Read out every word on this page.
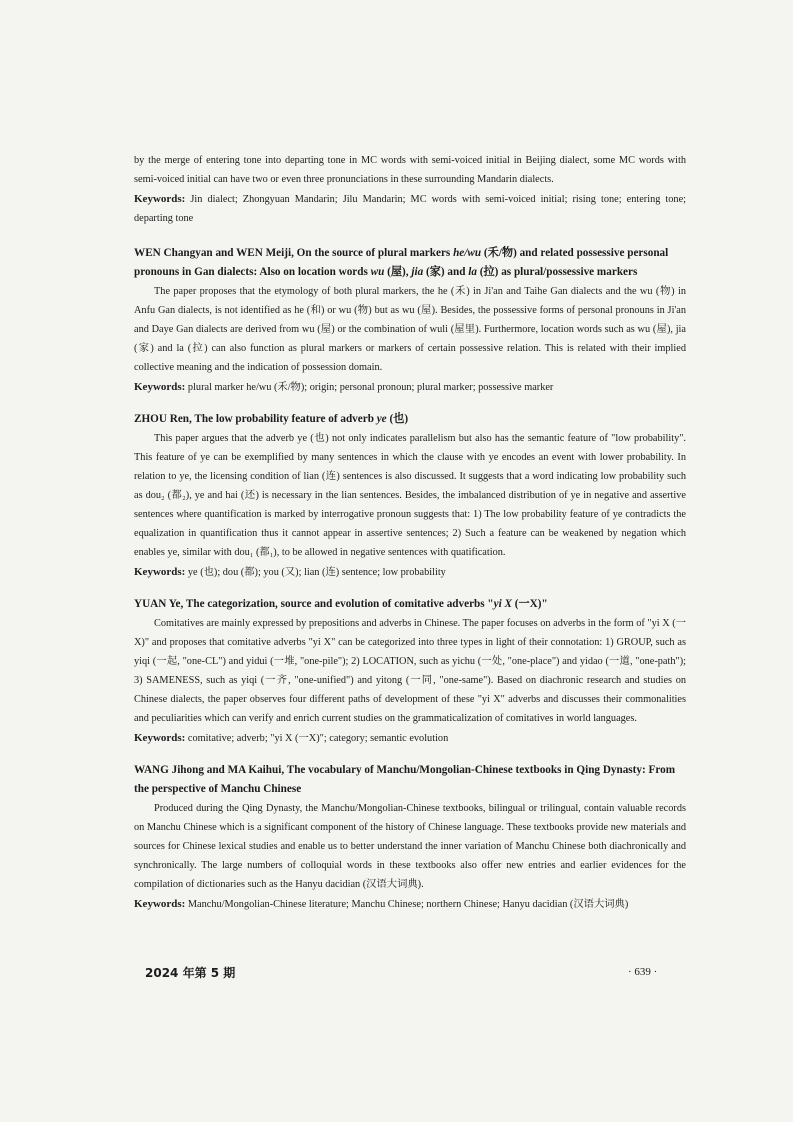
by the merge of entering tone into departing tone in MC words with semi-voiced initial in Beijing dialect, some MC words with semi-voiced initial can have two or even three pronunciations in these surrounding Mandarin dialects.

Keywords: Jin dialect; Zhongyuan Mandarin; Jilu Mandarin; MC words with semi-voiced initial; rising tone; entering tone; departing tone

WEN Changyan and WEN Meiji, On the source of plural markers he/wu (禾/物) and related possessive personal pronouns in Gan dialects: Also on location words wu (屋), jia (家) and la (拉) as plural/possessive markers

The paper proposes that the etymology of both plural markers, the he (禾) in Ji'an and Taihe Gan dialects and the wu (物) in Anfu Gan dialects, is not identified as he (和) or wu (物) but as wu (屋). Besides, the possessive forms of personal pronouns in Ji'an and Daye Gan dialects are derived from wu (屋) or the combination of wuli (屋里). Furthermore, location words such as wu (屋), jia (家) and la (拉) can also function as plural markers or markers of certain possessive relation. This is related with their implied collective meaning and the indication of possession domain.

Keywords: plural marker he/wu (禾/物); origin; personal pronoun; plural marker; possessive marker

ZHOU Ren, The low probability feature of adverb ye (也)

This paper argues that the adverb ye (也) not only indicates parallelism but also has the semantic feature of "low probability". This feature of ye can be exemplified by many sentences in which the clause with ye encodes an event with lower probability. In relation to ye, the licensing condition of lian (连) sentences is also discussed. It suggests that a word indicating low probability such as dou₂ (都₂), ye and hai (还) is necessary in the lian sentences. Besides, the imbalanced distribution of ye in negative and assertive sentences where quantification is marked by interrogative pronoun suggests that: 1) The low probability feature of ye contradicts the equalization in quantification thus it cannot appear in assertive sentences; 2) Such a feature can be weakened by negation which enables ye, similar with dou₁ (都₁), to be allowed in negative sentences with quatification.

Keywords: ye (也); dou (都); you (又); lian (连) sentence; low probability

YUAN Ye, The categorization, source and evolution of comitative adverbs "yi X (一X)"

Comitatives are mainly expressed by prepositions and adverbs in Chinese. The paper focuses on adverbs in the form of "yi X (一X)" and proposes that comitative adverbs "yi X" can be categorized into three types in light of their connotation: 1) GROUP, such as yiqi (一起, "one-CL") and yidui (一堆, "one-pile"); 2) LOCATION, such as yichu (一处, "one-place") and yidao (一道, "one-path"); 3) SAMENESS, such as yiqi (一齐, "one-unified") and yitong (一同, "one-same"). Based on diachronic research and studies on Chinese dialects, the paper observes four different paths of development of these "yi X" adverbs and discusses their commonalities and peculiarities which can verify and enrich current studies on the grammaticalization of comitatives in world languages.

Keywords: comitative; adverb; "yi X (一X)"; category; semantic evolution

WANG Jihong and MA Kaihui, The vocabulary of Manchu/Mongolian-Chinese textbooks in Qing Dynasty: From the perspective of Manchu Chinese

Produced during the Qing Dynasty, the Manchu/Mongolian-Chinese textbooks, bilingual or trilingual, contain valuable records on Manchu Chinese which is a significant component of the history of Chinese language. These textbooks provide new materials and sources for Chinese lexical studies and enable us to better understand the inner variation of Manchu Chinese both diachronically and synchronically. The large numbers of colloquial words in these textbooks also offer new entries and earlier evidences for the compilation of dictionaries such as the Hanyu dacidian (汉语大词典).

Keywords: Manchu/Mongolian-Chinese literature; Manchu Chinese; northern Chinese; Hanyu dacidian (汉语大词典)

2024 年第 5 期	· 639 ·
